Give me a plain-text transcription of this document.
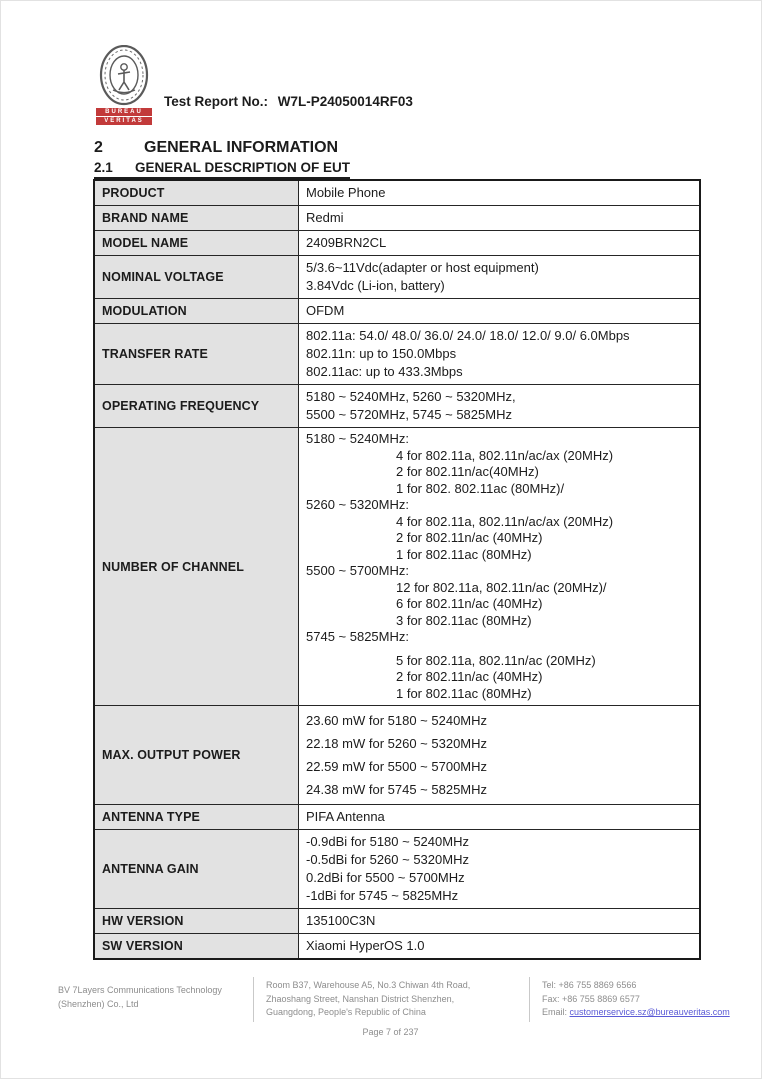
BUREAU
VERITAS
Test Report No.: W7L-P24050014RF03
2	GENERAL INFORMATION
2.1	GENERAL DESCRIPTION OF EUT
PRODUCT	Mobile Phone

BRAND NAME	Redmi

MODEL NAME	2409BRN2CL

NOMINAL VOLTAGE	5/3.6~11Vdc(adapter or host equipment)
3.84Vdc (Li-ion, battery)

MODULATION	OFDM

TRANSFER RATE	802.11a: 54.0/ 48.0/ 36.0/ 24.0/ 18.0/ 12.0/ 9.0/ 6.0Mbps
802.11n: up to 150.0Mbps
802.11ac: up to 433.3Mbps

OPERATING FREQUENCY	5180 ~ 5240MHz, 5260 ~ 5320MHz,
5500 ~ 5720MHz, 5745 ~ 5825MHz

NUMBER OF CHANNEL	
5180 ~ 5240MHz:
4 for 802.11a, 802.11n/ac/ax (20MHz)
2 for 802.11n/ac(40MHz)
1 for 802. 802.11ac (80MHz)/
5260 ~ 5320MHz:
4 for 802.11a, 802.11n/ac/ax (20MHz)
2 for 802.11n/ac (40MHz)
1 for 802.11ac (80MHz)
5500 ~ 5700MHz:
12 for 802.11a, 802.11n/ac (20MHz)/
6 for 802.11n/ac (40MHz)
3 for 802.11ac (80MHz)
5745 ~ 5825MHz:
5 for 802.11a, 802.11n/ac (20MHz)
2 for 802.11n/ac (40MHz)
1 for 802.11ac (80MHz)

MAX. OUTPUT POWER	23.60 mW for 5180 ~ 5240MHz
22.18 mW for 5260 ~ 5320MHz
22.59 mW for 5500 ~ 5700MHz
24.38 mW for 5745 ~ 5825MHz

ANTENNA TYPE	PIFA Antenna

ANTENNA GAIN	-0.9dBi for 5180 ~ 5240MHz
-0.5dBi for 5260 ~ 5320MHz
0.2dBi for 5500 ~ 5700MHz
-1dBi for 5745 ~ 5825MHz

HW VERSION	135100C3N

SW VERSION	Xiaomi HyperOS 1.0
BV 7Layers Communications Technology
(Shenzhen) Co., Ltd
Room B37, Warehouse A5, No.3 Chiwan 4th Road,
Zhaoshang Street, Nanshan District Shenzhen,
Guangdong, People's Republic of China
Tel: +86 755 8869 6566
Fax: +86 755 8869 6577
Email: customerservice.sz@bureauveritas.com
Page 7 of 237
